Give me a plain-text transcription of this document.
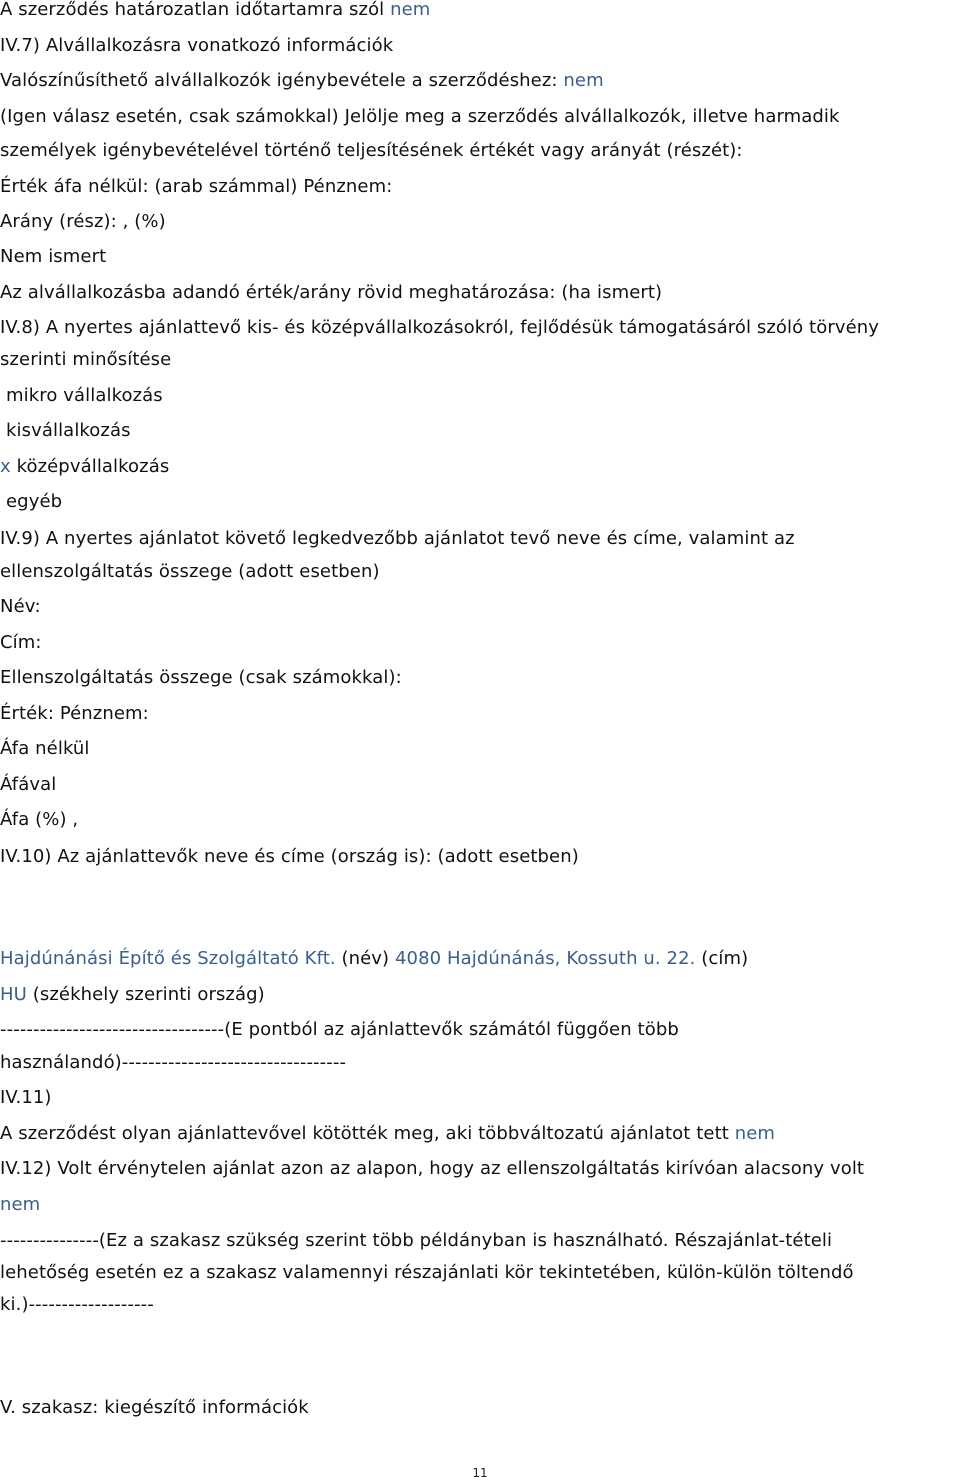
A szerződés határozatlan időtartamra szól nem
IV.7) Alvállalkozásra vonatkozó információk
Valószínűsíthető alvállalkozók igénybevétele a szerződéshez: nem
(Igen válasz esetén, csak számokkal) Jelölje meg a szerződés alvállalkozók, illetve harmadik
személyek igénybevételével történő teljesítésének értékét vagy arányát (részét):
Érték áfa nélkül: (arab számmal) Pénznem:
Arány (rész): , (%)
Nem ismert
Az alvállalkozásba adandó érték/arány rövid meghatározása: (ha ismert)
IV.8) A nyertes ajánlattevő kis- és középvállalkozásokról, fejlődésük támogatásáról szóló törvény
szerinti minősítése
mikro vállalkozás
kisvállalkozás
x középvállalkozás
egyéb
IV.9) A nyertes ajánlatot követő legkedvezőbb ajánlatot tevő neve és címe, valamint az
ellenszolgáltatás összege (adott esetben)
Név:
Cím:
Ellenszolgáltatás összege (csak számokkal):
Érték: Pénznem:
Áfa nélkül
Áfával
Áfa (%) ,
IV.10) Az ajánlattevők neve és címe (ország is): (adott esetben)
Hajdúnánási Építő és Szolgáltató Kft. (név) 4080 Hajdúnánás, Kossuth u. 22. (cím)
HU (székhely szerinti ország)
----------------------------------(E pontból az ajánlattevők számától függően több
használandó)----------------------------------
IV.11)
A szerződést olyan ajánlattevővel kötötték meg, aki többváltozatú ajánlatot tett nem
IV.12) Volt érvénytelen ajánlat azon az alapon, hogy az ellenszolgáltatás kirívóan alacsony volt
nem
---------------(Ez a szakasz szükség szerint több példányban is használható. Részajánlat-tételi
lehetőség esetén ez a szakasz valamennyi részajánlati kör tekintetében, külön-külön töltendő
ki.)-------------------
V. szakasz: kiegészítő információk
11
